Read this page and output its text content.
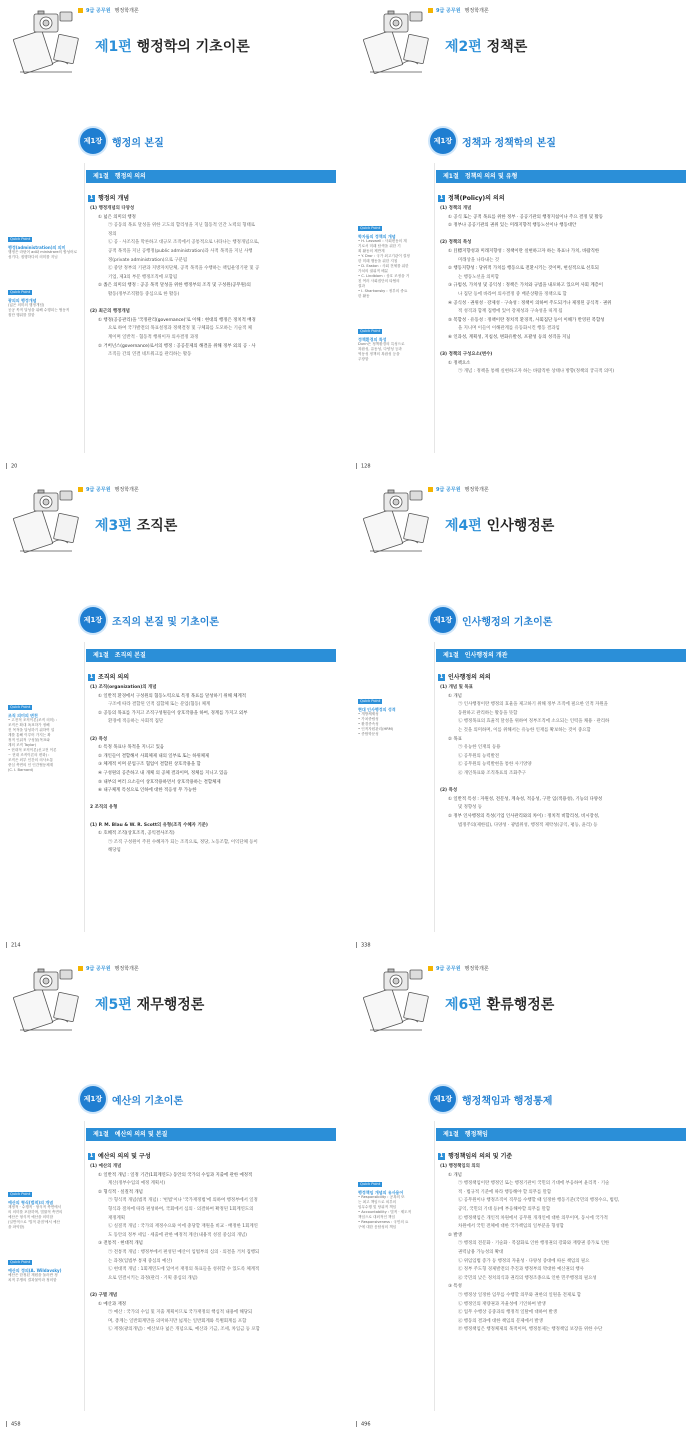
9급 공무원 행정학개론
제1편 행정학의 기초이론
제1장 행정의 본질
제1절 행정의 의의
1 행정의 개념
Quick Point
행정(administration)의 의미
행정은 라틴어 ad와 ministrare의 합성어로
섬기다, 집행하다의 의미를 지님
Quick Point
광의의 행정개념
(넓은 의미의 행정개념)
공공 목적 달성을 위해 수행되는 협동적
집단 행위를 말함
(1) 행정개념의 다양성
① 넓은 의미의 행정
㉠ 공동의 목표 달성을 위한 고도의 합리성을 지닌 협동적 인간 노력의 형태로
정의
㉡ 공 · 사조직을 막론하고 대규모 조직에서 공통적으로 나타나는 행정개념으로,
공적 목적을 지닌 공행정(public administration)과 사적 목적을 지닌 사행
정(private administration)으로 구분됨
㉢ 중앙 정부의 기관과 지방자치단체, 공적 목적을 수행하는 책임운영기관 및 공
기업, 제3의 부문 행정조직에 포함됨
② 좁은 의미의 행정 : 공공 목적 달성을 위한 행정부의 조직 및 구성원(공무원)의
활동(정부조직활동 중심으로 한 활동)
(2) 최근의 행정개념
① 행정(공공관리)을 '국정관리(governance)'로 이해 : 현대의 행정은 정치적 배경
으로 하여 국가발전의 목표설정과 정책결정 및 구체화를 도모하는 기술적 체
계이며 일반적 · 협동적 행위이자 의사결정 과정
② 거버넌스(governance)로서의 행정 : 공공문제의 해결을 위해 정부 외의 공 · 사
조직들 간의 연결 네트워크를 관리하는 활동
20
9급 공무원 행정학개론
제2편 정책론
제1장 정책과 정책학의 본질
제1절 정책의 의의 및 유형
1 정책(Policy)의 의의
Quick Point
학자들의 정책의 개념
• H. Lasswell : 사회변동의 계
기로서 미래 탐색을 위한 기
획 활동의 제반계
• Y. Dror : 국가 최고기관이 결정
한 미래 행동을 위한 지침
• D. Easton : 사회 전체를 위한
가치의 권위적 배분
• C. Lindblom : 상호 조정을 거
친 여러 사회집단의 타협의
결과
• I. Sharkansky : 정부의 중요
한 활동
Quick Point
정책환경의 특성
Dunn은 정책환경의 특성으로
복잡성, 유동성, 다양성 등과
역동성 정책의 복잡성 등을
주장함
(1) 정책의 개념
① 공식 또는 공적 목표를 위한 정부 · 공공기관의 행정지침이나 주요 결정 및 활동
② 정부나 공공기관의 권위 있는 미래지향적 행동노선이나 행동대안
(2) 정책의 특성
① 目標지향성과 미래지향성 : 정책이란 실현하고자 하는 목표나 가치, 바람직한
미래상을 나타내는 것
② 행동지향성 : 당위적 가치를 행동으로 전환시키는 것이며, 현실적으로 선호되
는 행동노선을 의미함
③ 규범성, 가치성 및 공익성 : 정책은 가치와 규범을 내포하고 있으며 사회 계층이
나 집단 등에 바라여 의사결정 중 배분상황을 정책으로 함
④ 공식성 · 권위성 · 강제성 · 구속성 : 정책이 의하여 주도되거나 제정된 공식적 · 권위
적 성격과 함께 집행에 있어 강제성과 구속성을 띠게 됨
⑤ 복합성 · 유동성 : 정책이란 정치적 환경적, 사회집단 등이 이해가 반영된 복합성
을 지니며 이들이 이해관계를 유동화시킨 행동 결과임
⑥ 인과성, 계획성, 지침성, 변화유발성, 포괄성 등의 성격을 지님
(3) 정책의 구성요소(변수)
① 정책요소
㉠ 개념 : 정책을 통해 실현하고자 하는 바람직한 상태나 방향(정책의 궁극적 의미)
128
9급 공무원 행정학개론
제3편 조직론
제1장 조직의 본질 및 기초이론
제1절 조직의 본질
1 조직의 의의
Quick Point
조직 의미의 변천
• 고전적 조직이론(조직 의미) :
조직은 확대 폭표하가 정해
진 목적을 달성하기 위하여 설
계를 통해 이루어 가지는 확
정적 인위적 구성물(목표와
계의 조직 Taylor)
• 현대적 조직이론(신고전 이론
~ 현대 조직이론의 변화) :
조직은 외부 인간의 의사소통
중심 측면의 인 인간협동체계
(C. I. Barnard)
(1) 조직(organization)의 개념
① 일반적 환경에서 구성원의 협동노력으로 특정 목표를 달성하기 위해 체계적
구조에 따라 결합된 인적 집합체 또는 분업(협동) 체계
② 공동의 목표를 가지고 조직구성원들이 상호작용을 하여, 경계를 가지고 외부
환경에 적응하는 사회적 집단
(2) 특성
① 특정 목표나 목적을 지니고 있음
② 개인들이 결합해서 사회체제 내의 일부로 또는 하위체제
③ 체계적 이며 분업구조 협업이 결합된 상호작용을 함
④ 구성원의 공존하고 내 개체 의 공체 결과이며, 정체를 지니고 있음
⑤ 내부의 여러 요소들이 상호작용하면서 상호작용하는 결합체제
⑥ 내구체계 특성으로 인하에 대한 적응성 무 가능한
2 조직의 유형
(1) P. M. Blau & W. R. Scott의 유형(조직 수혜자 기준)
① 호혜적 조직(상호조직, 공익결사조직)
㉠ 조직 구성원이 주된 수혜자가 되는 조직으로, 정당, 노동조합, 이익단체 등이
해당됨
214
9급 공무원 행정학개론
제4편 인사행정론
제1장 인사행정의 기초이론
제1절 인사행정의 개관
1 인사행정의 의의
Quick Point
현대 인사행정의 성격
• 개방체제성
• 가치중립성
• 환경종속성
• 인적자원관리(HRM)
• 종합학문성
(1) 개념 및 목표
① 개념
㉠ 인사행정이란 행정의 효율을 제고하기 위해 정부 조직에 필요한 인적 자원을
동원하고 관리하는 활동을 뜻함
㉡ 행정목표의 효율적 달성을 위하여 정부조직에 소요되는 인력을 채용 · 관리하
는 것을 의미하며, 이를 위해서는 유능한 인재를 확보하는 것이 중요함
② 목표
㉠ 유능한 인재의 등용
㉡ 공무원의 능력발전
㉢ 공무원의 능력발현을 통한 사기앙양
㉣ 개인목표와 조직목표의 조화추구
(2) 특성
① 일반적 특성 : 자원성, 전문성, 계속성, 적응성, 구만 임(적용성), 기능의 다양성
및 정향성 등
② 정부 인사행정의 특성(기업 인사관리와의 차이) : 정치적 비합리성, 비시장성,
법정주의(제한됨), 다양성 · 광범위성, 행정적 제약성(공익, 평등, 윤리) 등
338
9급 공무원 행정학개론
제5편 재무행정론
제1장 예산의 기초이론
제1절 예산의 의의 및 본질
1 예산의 의의 및 구성
Quick Point
예산의 형식(법적)의 개념
재정적 · 수행적 · 형식적 측면에서
의 의미를 포함하며, 법률적 측면의
예산은 형식적 예산을 의미함
(일반적으로 '법적 관점'에서 예산
을 파악함)
Quick Point
예산의 정의(A. Wildavsky)
예산은 한정된 재원을 둘러싼 정
치적 투쟁의 결과물이라 정의함
(1) 예산의 개념
① 일반적 개념 : 일정 기간(1회계연도) 동안의 국가의 수입과 지출에 관한 예정적
계산(정부수입의 예정 계획서)
② 형식적 · 실질적 개념
㉠ 형식적 개념(법적 개념) : '헌법'이나 '국가재정법'에 의하여 행정부에서 일정
형식과 절차에 따라 편성하여, 국회에서 심의 · 의결하여 확정된 1회계연도의
재정계획
㉡ 실질적 개념 : 국가의 재정수요와 이에 충당할 재원을 비교 · 배정한 1회계연
도 동안의 정부 세입 · 세출에 관한 예정적 계산(내용적 성질 중심의 개념)
③ 전통적 · 현대적 개념
㉠ 전통적 개념 : 행정부에서 편성된 예산이 입법부의 심의 · 의결을 거쳐 집행되
는 과정(입법부 통제 중심의 예산)
㉡ 현대적 개념 : 1회계연도에 있어서 재정의 목표들을 성취할 수 있도록 체계적
으로 연결시키는 과정(관리 · 기획 중심의 개념)
(2) 구별 개념
① 예산과 재정
㉠ 예산 : 국가의 수입 및 지출 계획이므로 국가재정의 핵심적 내용에 해당되
며, 총계는 일반회계만을 의미하지만 넓게는 일반회계와 특별회계를 포함
㉡ 재정(광의개념) : 예산보다 넓은 개념으로, 예산과 기금, 조세, 차입금 등 포함
458
9급 공무원 행정학개론
제6편 환류행정론
제1장 행정책임과 행정통제
제1절 행정책임
1 행정책임의 의의 및 기준
Quick Point
행정책임 개념의 유사용어
• Responsibility : 공복의 또
는 최고 책임으로 외부의
임무수행 및 당위적 책임
• Accountability : 법적 · 제도적
책임으로 대외적인 책임
• Responsiveness : 국민의 요
구에 대한 응답성의 책임
(1) 행정책임의 의의
① 개념
㉠ 행정책임이란 행정인 또는 행정기관이 국민의 기대에 부응하여 윤리적 · 기술
적 · 법규적 기준에 따라 행동해야 할 의무를 말함
㉡ 공무원이나 행정조직이 직무를 수행할 때 일정한 행동기준(국민의 행정수요, 법령,
공익, 국민의 기대 등)에 부응해야할 의무를 말함
㉢ 행정책임은 개인적 차원에서 공무원 개개인에 대한 의무이며, 동시에 국가적
차원에서 국민 전체에 대한 국가책임의 일부분을 형성함
② 발생
㉠ 행정의 전문화 · 기술화 · 복잡화로 인한 행정권의 강화와 재량권 증가로 인한
권력남용 가능성의 확대
㉡ 위임입법 증가 등 행정의 자율성 · 다양성 증대에 따른 책임의 필요
㉢ 정부 주도형 경제발전의 추진과 행정부의 막대한 예산권의 행사
㉣ 국민의 낮은 정치의식과 권리의 행정조종으로 인한 민주행정의 필요성
③ 특성
㉠ 행정상 일정한 임무를 수행할 의무와 권한의 일원을 전제로 함
㉡ 행정인의 재량권과 자율성에 기인하여 발생
㉢ 업무 수행상 공중과의 행정적 일탈에 대하여 발생
㉣ 행동의 결과에 대한 책임의 문제에서 발생
㉤ 행정책임은 행정체제의 목적이며, 행정통제는 행정책임 보장을 위한 수단
496
